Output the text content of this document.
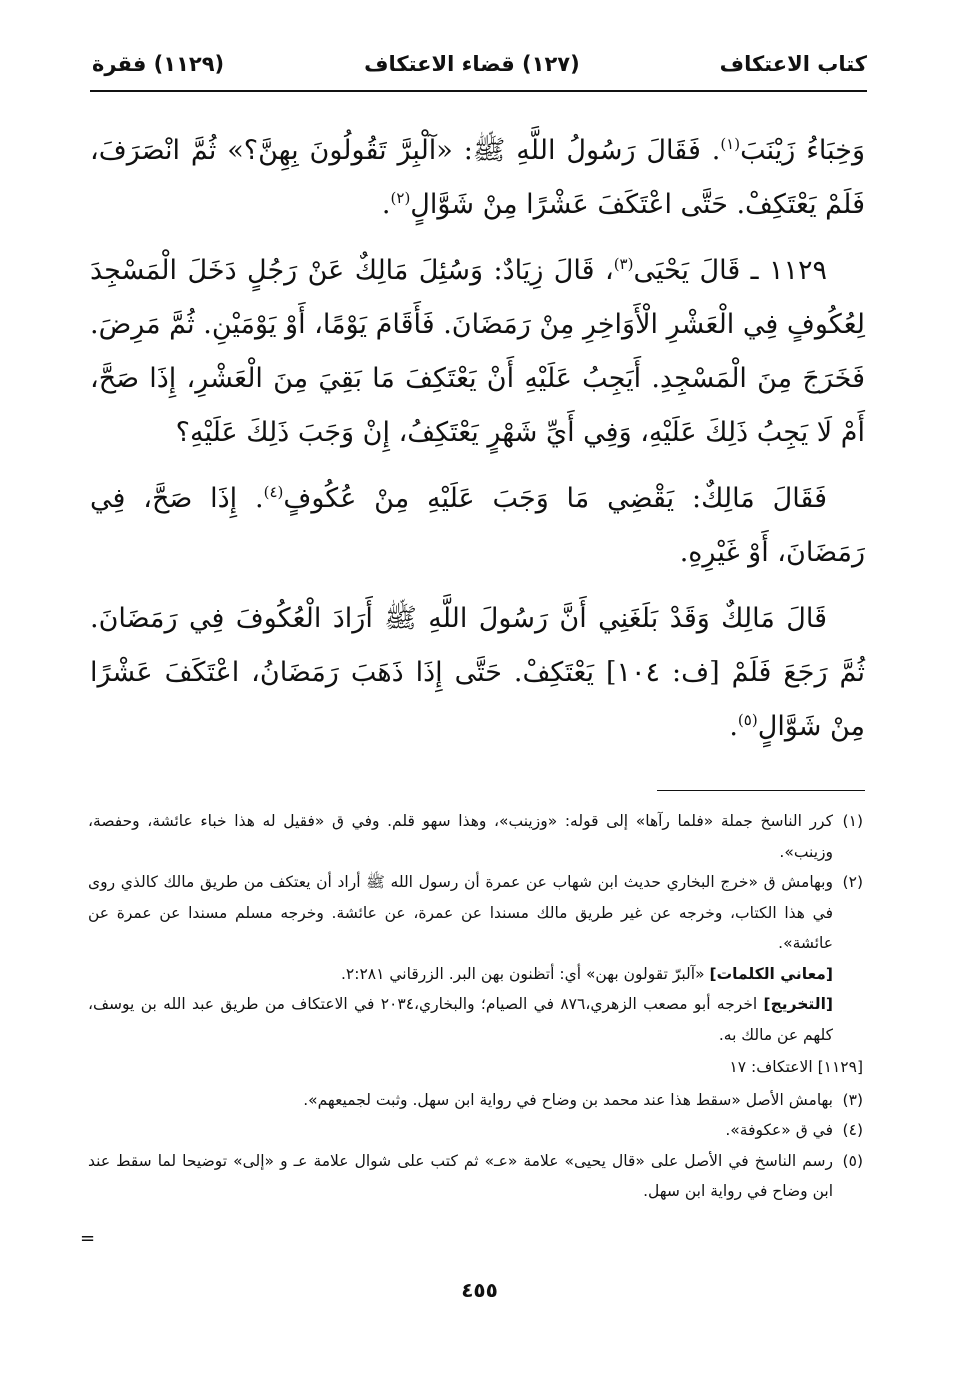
كتاب الاعتكاف
(١٢٧) قضاء الاعتكاف
(١١٢٩) فقرة

وَخِبَاءُ زَيْنَبَ$^{(١)}$. فَقَالَ رَسُولُ اللَّهِ ﷺ: «آلْبِرَّ تَقُولُونَ بِهِنَّ؟» ثُمَّ انْصَرَفَ، فَلَمْ يَعْتَكِفْ. حَتَّى اعْتَكَفَ عَشْرًا مِنْ شَوَّالٍ$^{(٢)}$.

١١٢٩ ـ قَالَ يَحْيَى$^{(٣)}$، قَالَ زِيَادٌ: وَسُئِلَ مَالِكٌ عَنْ رَجُلٍ دَخَلَ الْمَسْجِدَ لِعُكُوفٍ فِي الْعَشْرِ الْأَوَاخِرِ مِنْ رَمَضَانَ. فَأَقَامَ يَوْمًا، أَوْ يَوْمَيْنِ. ثُمَّ مَرِضَ. فَخَرَجَ مِنَ الْمَسْجِدِ. أَيَجِبُ عَلَيْهِ أَنْ يَعْتَكِفَ مَا بَقِيَ مِنَ الْعَشْرِ، إِذَا صَحَّ، أَمْ لَا يَجِبُ ذَلِكَ عَلَيْهِ، وَفِي أَيِّ شَهْرٍ يَعْتَكِفُ، إِنْ وَجَبَ ذَلِكَ عَلَيْهِ؟

فَقَالَ مَالِكٌ: يَقْضِي مَا وَجَبَ عَلَيْهِ مِنْ عُكُوفٍ$^{(٤)}$. إِذَا صَحَّ، فِي رَمَضَانَ، أَوْ غَيْرِهِ.

قَالَ مَالِكٌ وَقَدْ بَلَغَنِي أَنَّ رَسُولَ اللَّهِ ﷺ أَرَادَ الْعُكُوفَ فِي رَمَضَانَ. ثُمَّ رَجَعَ فَلَمْ [ف: ١٠٤] يَعْتَكِفْ. حَتَّى إِذَا ذَهَبَ رَمَضَانُ، اعْتَكَفَ عَشْرًا مِنْ شَوَّالٍ$^{(٥)}$.

(١)
كرر الناسخ جملة «فلما رآها» إلى قوله: «وزينب»، وهذا سهو قلم. وفي ق «فقيل له هذا خباء عائشة، وحفصة، وزينب».
(٢)
وبهامش ق «خرج البخاري حديث ابن شهاب عن عمرة أن رسول الله ﷺ أراد أن يعتكف من طريق مالك كالذي روى في هذا الكتاب، وخرجه عن غير طريق مالك مسندا عن عمرة، عن عائشة. وخرجه مسلم مسندا عن عمرة عن عائشة».
[معاني الكلمات] «آلبرّ تقولون بهن» أي: أتظنون بهن البر. الزرقاني ٢:٢٨١.
[التخريج] اخرجه أبو مصعب الزهري،٨٧٦ في الصيام؛ والبخاري،٢٠٣٤ في الاعتكاف من طريق عبد الله بن يوسف، كلهم عن مالك به.
[١١٢٩] الاعتكاف: ١٧
(٣)
بهامش الأصل «سقط هذا عند محمد بن وضاح في رواية ابن سهل. وثبت لجميعهم».
(٤)
في ق «عكوفة».
(٥)
رسم الناسخ في الأصل على «قال يحيى» علامة «عـ» ثم كتب على شوال علامة عـ و «إلى» توضيحا لما سقط عند ابن وضاح في رواية ابن سهل.
=
٤٥٥
